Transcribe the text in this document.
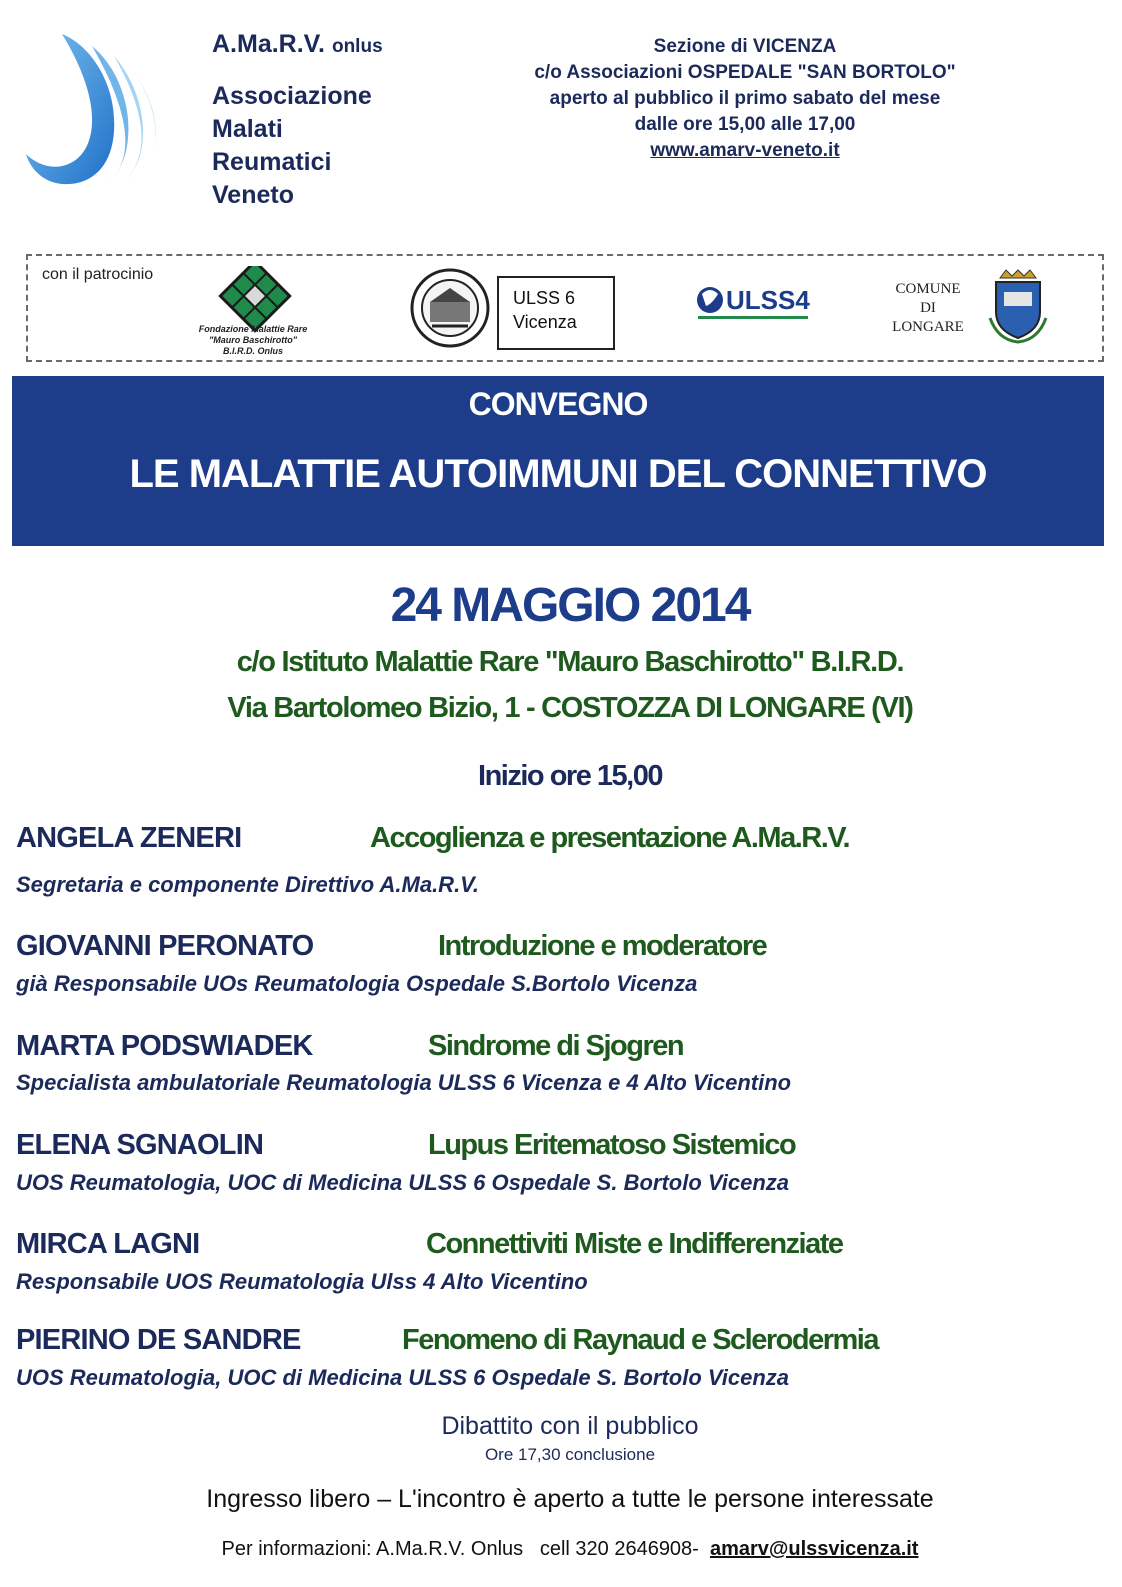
A.Ma.R.V. onlus
Associazione
Malati
Reumatici
Veneto
Sezione di VICENZA
c/o Associazioni OSPEDALE "SAN BORTOLO"
aperto al pubblico il primo sabato del mese
dalle ore 15,00 alle 17,00
www.amarv-veneto.it
con il patrocinio
Fondazione Malattie Rare
"Mauro Baschirotto"
B.I.R.D. Onlus
ULSS 6
Vicenza
ULSS4	COMUNE
DI
LONGARE
CONVEGNO
LE MALATTIE AUTOIMMUNI DEL CONNETTIVO
24 MAGGIO 2014
c/o Istituto Malattie Rare "Mauro Baschirotto" B.I.R.D.
Via Bartolomeo Bizio, 1 - COSTOZZA DI LONGARE (VI)
Inizio ore 15,00
ANGELA ZENERI	Accoglienza e presentazione A.Ma.R.V.
Segretaria e componente Direttivo A.Ma.R.V.
GIOVANNI PERONATO	Introduzione e moderatore
già Responsabile UOs Reumatologia Ospedale S.Bortolo Vicenza
MARTA PODSWIADEK	Sindrome di Sjogren
Specialista ambulatoriale Reumatologia ULSS 6 Vicenza e 4 Alto Vicentino
ELENA SGNAOLIN	Lupus Eritematoso Sistemico
UOS Reumatologia, UOC di Medicina ULSS 6 Ospedale S. Bortolo Vicenza
MIRCA LAGNI	Connettiviti Miste e Indifferenziate
Responsabile UOS Reumatologia Ulss 4 Alto Vicentino
PIERINO DE SANDRE	Fenomeno di Raynaud e Sclerodermia
UOS Reumatologia, UOC di Medicina ULSS 6 Ospedale S. Bortolo Vicenza
Dibattito con il pubblico
Ore 17,30 conclusione
Ingresso libero – L'incontro è aperto a tutte le persone interessate
Per informazioni: A.Ma.R.V. Onlus cell 320 2646908- amarv@ulssvicenza.it
